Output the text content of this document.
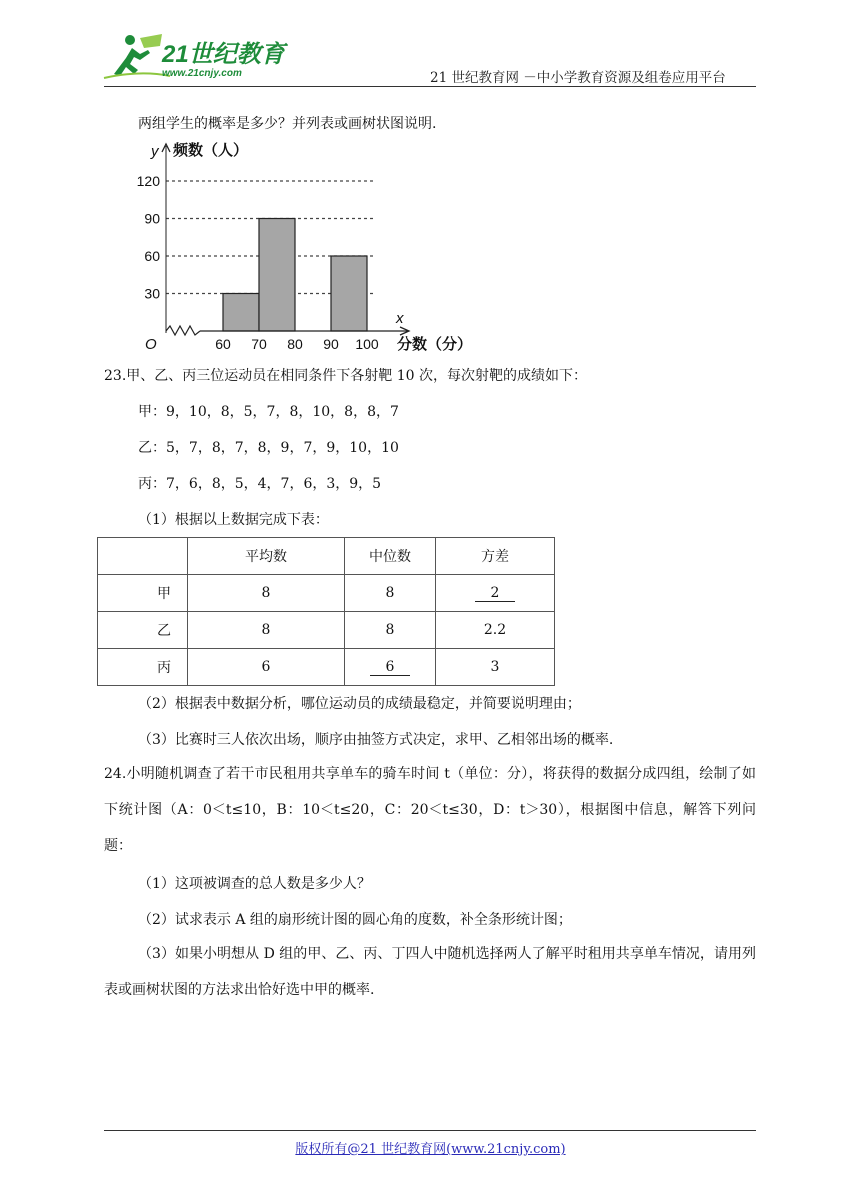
21世纪教育
www.21cnjy.com	21 世纪教育网 －中小学教育资源及组卷应用平台
两组学生的概率是多少？并列表或画树状图说明.
30
60
90
120
60 70 80 90 100
O
y 频数（人）
x
分数（分）
23.甲、乙、丙三位运动员在相同条件下各射靶 10 次，每次射靶的成绩如下：
甲：9，10，8，5，7，8，10，8，8，7
乙：5，7，8，7，8，9，7，9，10，10
丙：7，6，8，5，4，7，6，3，9，5
（1）根据以上数据完成下表：
	平均数	中位数	方差
甲	8	8	2
乙	8	8	2.2
丙	6	6	3
（2）根据表中数据分析，哪位运动员的成绩最稳定，并简要说明理由；
（3）比赛时三人依次出场，顺序由抽签方式决定，求甲、乙相邻出场的概率.
24.小明随机调查了若干市民租用共享单车的骑车时间 t（单位：分），将获得的数据分成四组，绘制了如下统计图（A：0＜t≤10，B：10＜t≤20，C：20＜t≤30，D：t＞30），根据图中信息，解答下列问题：
（1）这项被调查的总人数是多少人？
（2）试求表示 A 组的扇形统计图的圆心角的度数，补全条形统计图；
（3）如果小明想从 D 组的甲、乙、丙、丁四人中随机选择两人了解平时租用共享单车情况，请用列表或画树状图的方法求出恰好选中甲的概率.
版权所有@21 世纪教育网(www.21cnjy.com)
